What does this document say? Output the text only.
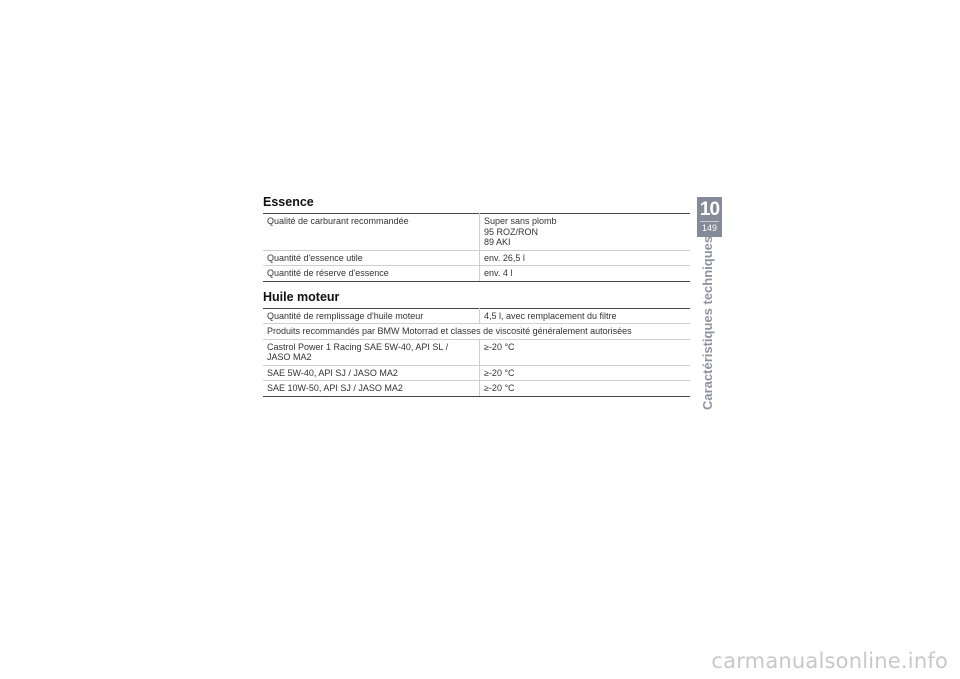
Essence
Qualité de carburant recommandée	Super sans plomb
95 ROZ/RON
89 AKI

Quantité d'essence utile	env. 26,5 l
Quantité de réserve d'essence	env. 4 l
Huile moteur
Quantité de remplissage d'huile moteur	4,5 l, avec remplacement du filtre
Produits recommandés par BMW Motorrad et classes de viscosité généralement autorisées	

Castrol Power 1 Racing SAE 5W-40, API SL /
JASO MA2	≥-20 °C
SAE 5W-40, API SJ / JASO MA2	≥-20 °C
SAE 10W-50, API SJ / JASO MA2	≥-20 °C
10
149
Caractéristiques techniques
carmanualsonline.info
